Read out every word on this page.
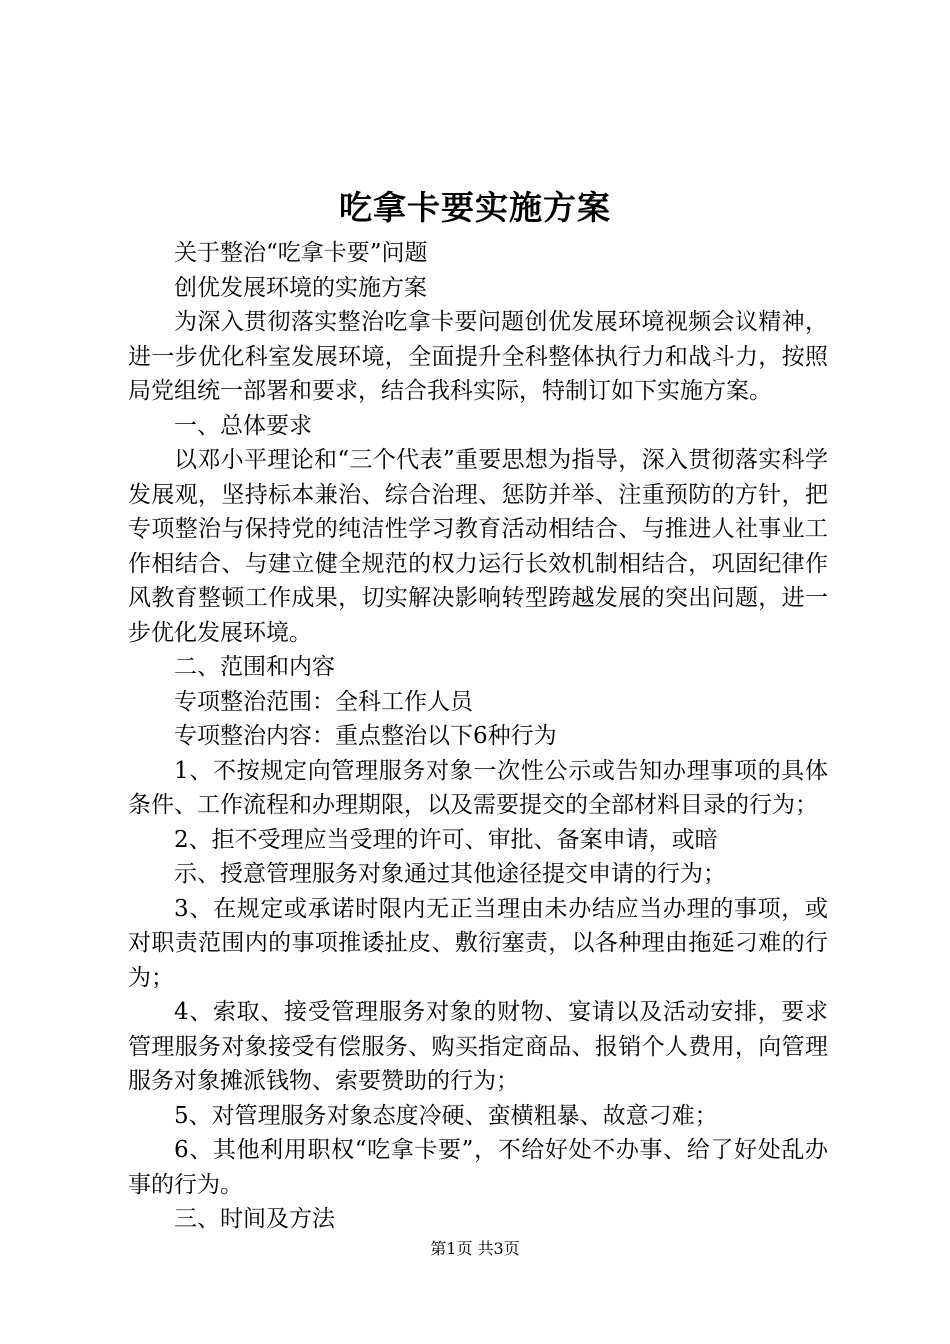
吃拿卡要实施方案

关于整治“吃拿卡要”问题

创优发展环境的实施方案

为深入贯彻落实整治吃拿卡要问题创优发展环境视频会议精神，进一步优化科室发展环境，全面提升全科整体执行力和战斗力，按照局党组统一部署和要求，结合我科实际，特制订如下实施方案。

一、总体要求

以邓小平理论和“三个代表”重要思想为指导，深入贯彻落实科学发展观，坚持标本兼治、综合治理、惩防并举、注重预防的方针，把专项整治与保持党的纯洁性学习教育活动相结合、与推进人社事业工作相结合、与建立健全规范的权力运行长效机制相结合，巩固纪律作风教育整顿工作成果，切实解决影响转型跨越发展的突出问题，进一步优化发展环境。

二、范围和内容

专项整治范围：全科工作人员

专项整治内容：重点整治以下6种行为

1、不按规定向管理服务对象一次性公示或告知办理事项的具体条件、工作流程和办理期限，以及需要提交的全部材料目录的行为；

2、拒不受理应当受理的许可、审批、备案申请，或暗

示、授意管理服务对象通过其他途径提交申请的行为；

3、在规定或承诺时限内无正当理由未办结应当办理的事项，或对职责范围内的事项推诿扯皮、敷衍塞责，以各种理由拖延刁难的行为；

4、索取、接受管理服务对象的财物、宴请以及活动安排，要求管理服务对象接受有偿服务、购买指定商品、报销个人费用，向管理服务对象摊派钱物、索要赞助的行为；

5、对管理服务对象态度冷硬、蛮横粗暴、故意刁难；

6、其他利用职权“吃拿卡要”，不给好处不办事、给了好处乱办事的行为。

三、时间及方法

第1页 共3页
